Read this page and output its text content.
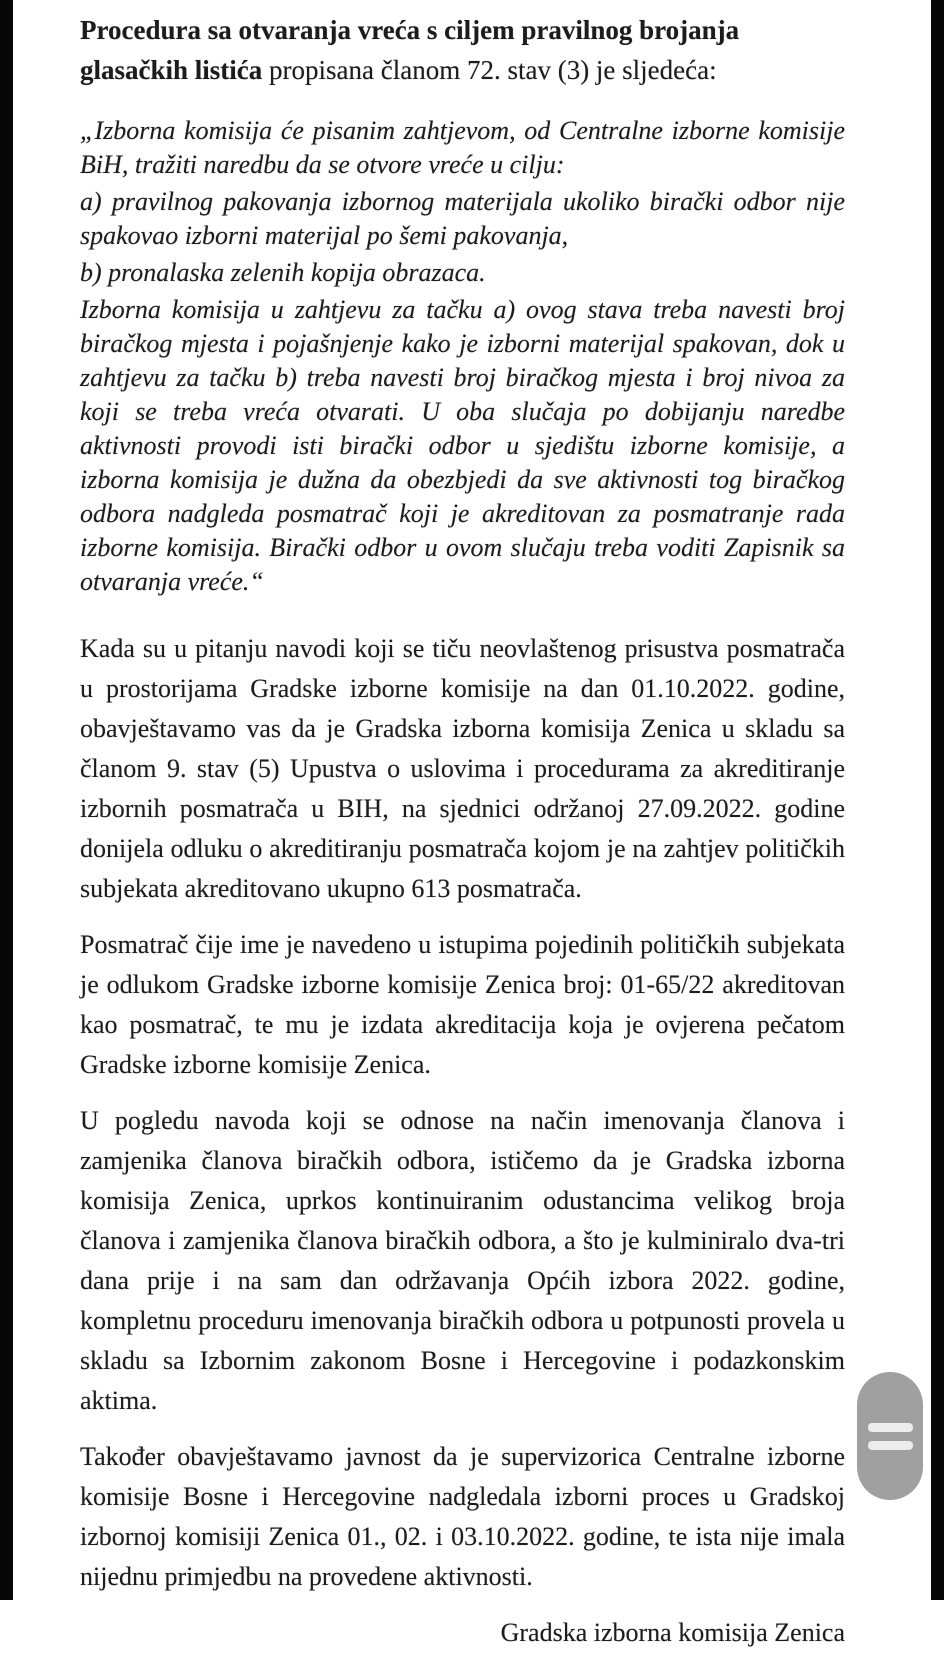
Procedura sa otvaranja vreća s ciljem pravilnog brojanja glasačkih listića propisana članom 72. stav (3) je sljedeća:

„Izborna komisija će pisanim zahtjevom, od Centralne izborne komisije BiH, tražiti naredbu da se otvore vreće u cilju:

a) pravilnog pakovanja izbornog materijala ukoliko birački odbor nije spakovao izborni materijal po šemi pakovanja,

b) pronalaska zelenih kopija obrazaca.

Izborna komisija u zahtjevu za tačku a) ovog stava treba navesti broj biračkog mjesta i pojašnjenje kako je izborni materijal spakovan, dok u zahtjevu za tačku b) treba navesti broj biračkog mjesta i broj nivoa za koji se treba vreća otvarati. U oba slučaja po dobijanju naredbe aktivnosti provodi isti birački odbor u sjedištu izborne komisije, a izborna komisija je dužna da obezbjedi da sve aktivnosti tog biračkog odbora nadgleda posmatrač koji je akreditovan za posmatranje rada izborne komisija. Birački odbor u ovom slučaju treba voditi Zapisnik sa otvaranja vreće.“

Kada su u pitanju navodi koji se tiču neovlaštenog prisustva posmatrača u prostorijama Gradske izborne komisije na dan 01.10.2022. godine, obavještavamo vas da je Gradska izborna komisija Zenica u skladu sa članom 9. stav (5) Upustva o uslovima i procedurama za akreditiranje izbornih posmatrača u BIH, na sjednici održanoj 27.09.2022. godine donijela odluku o akreditiranju posmatrača kojom je na zahtjev političkih subjekata akreditovano ukupno 613 posmatrača.

Posmatrač čije ime je navedeno u istupima pojedinih političkih subjekata je odlukom Gradske izborne komisije Zenica broj: 01-65/22 akreditovan kao posmatrač, te mu je izdata akreditacija koja je ovjerena pečatom Gradske izborne komisije Zenica.

U pogledu navoda koji se odnose na način imenovanja članova i zamjenika članova biračkih odbora, ističemo da je Gradska izborna komisija Zenica, uprkos kontinuiranim odustancima velikog broja članova i zamjenika članova biračkih odbora, a što je kulminiralo dva-tri dana prije i na sam dan održavanja Općih izbora 2022. godine, kompletnu proceduru imenovanja biračkih odbora u potpunosti provela u skladu sa Izbornim zakonom Bosne i Hercegovine i podazkonskim aktima.

Također obavještavamo javnost da je supervizorica Centralne izborne komisije Bosne i Hercegovine nadgledala izborni proces u Gradskoj izbornoj komisiji Zenica 01., 02. i 03.10.2022. godine, te ista nije imala nijednu primjedbu na provedene aktivnosti.

Gradska izborna komisija Zenica
